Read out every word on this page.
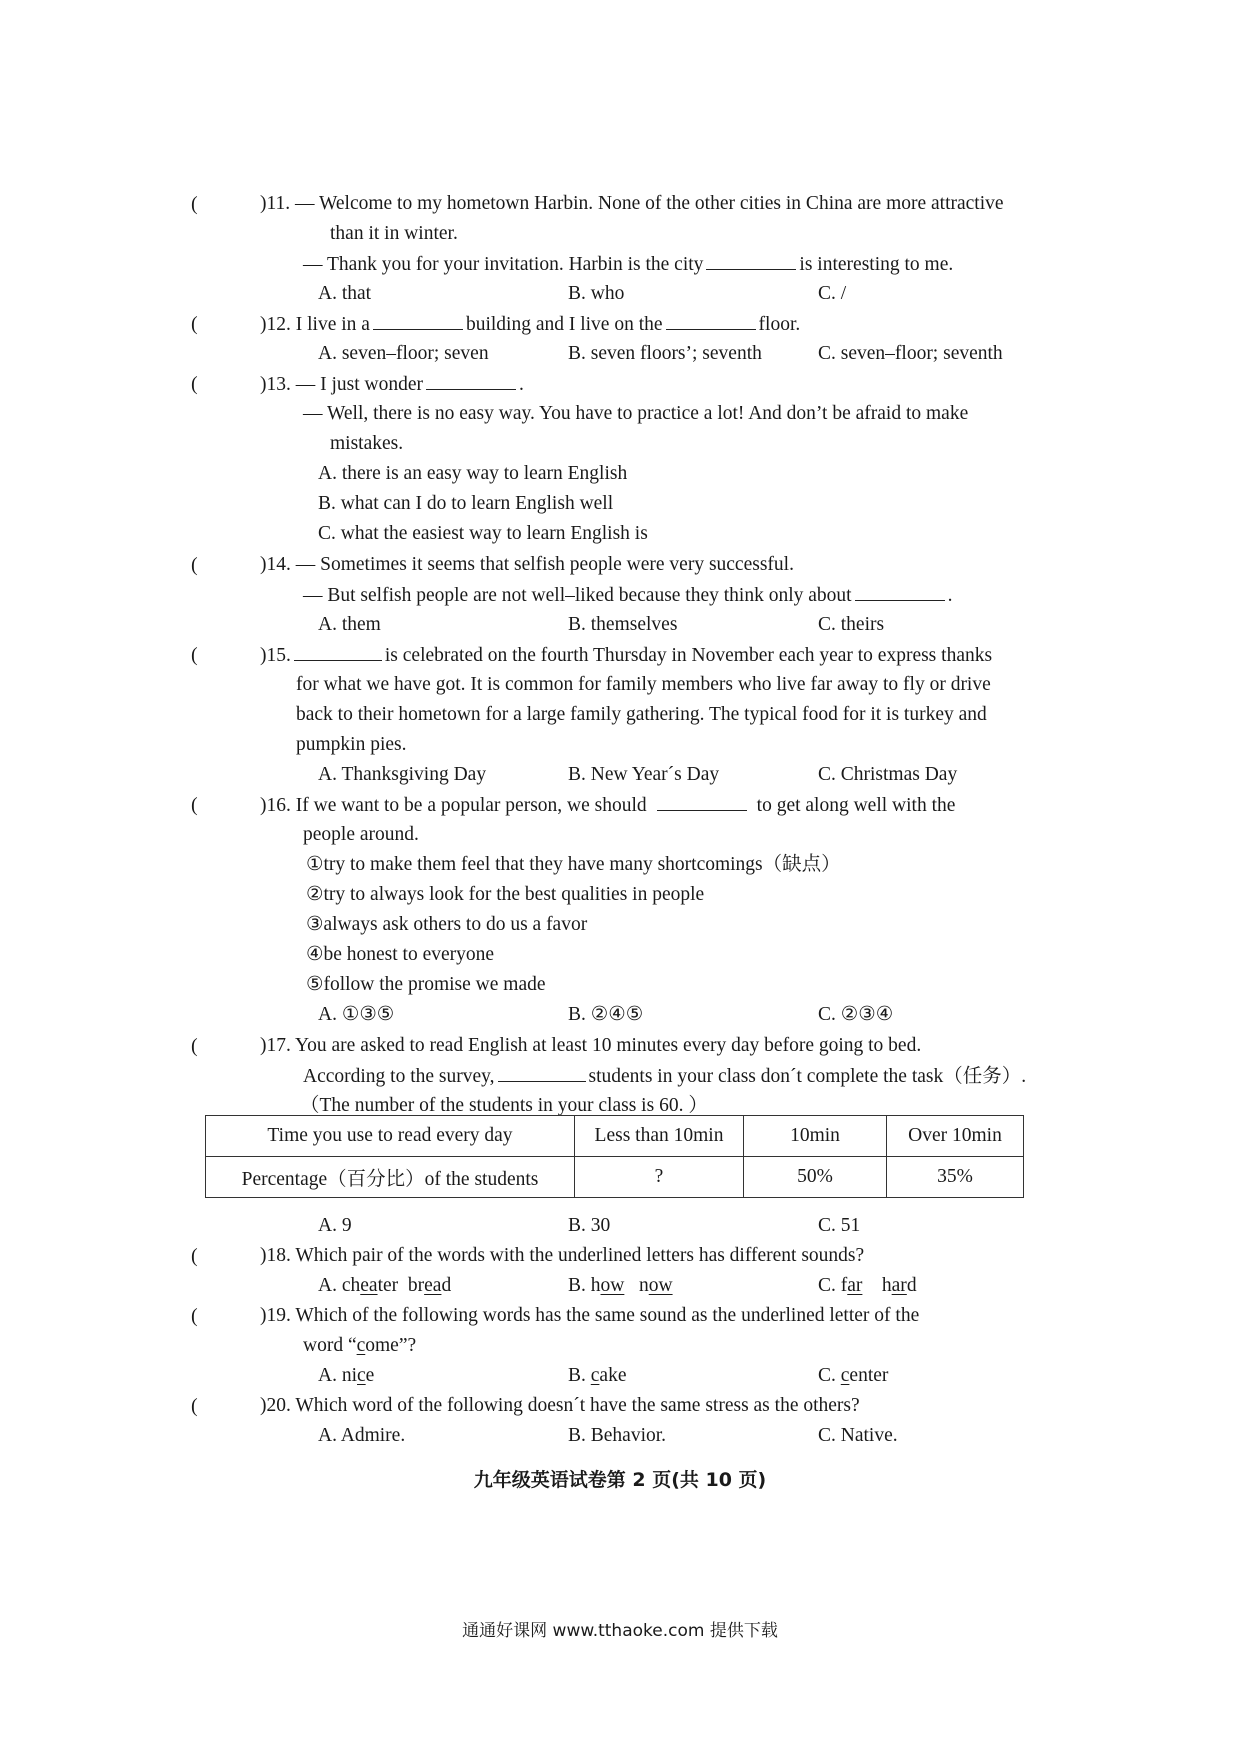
(
(
(
(
(
(
(
(
(
(
)11. — Welcome to my hometown Harbin. None of the other cities in China are more attractive
than it in winter.
— Thank you for your invitation. Harbin is the city	is interesting to me.
A. that	B. who	C. /
)12. I live in a	building and I live on the	floor.
A. seven–floor; seven	B. seven floors’; seventh	C. seven–floor; seventh
)13. — I just wonder	.
— Well, there is no easy way. You have to practice a lot! And don’t be afraid to make
mistakes.
A. there is an easy way to learn English
B. what can I do to learn English well
C. what the easiest way to learn English is
)14. — Sometimes it seems that selfish people were very successful.
— But selfish people are not well–liked because they think only about	.
A. them	B. themselves	C. theirs
)15.	is celebrated on the fourth Thursday in November each year to express thanks
for what we have got. It is common for family members who live far away to fly or drive
back to their hometown for a large family gathering. The typical food for it is turkey and
pumpkin pies.
A. Thanksgiving Day	B. New Year´s Day	C. Christmas Day
)16. If we want to be a popular person, we should	to get along well with the
people around.
①try to make them feel that they have many shortcomings（缺点）
②try to always look for the best qualities in people
③always ask others to do us a favor
④be honest to everyone
⑤follow the promise we made
A. ①③⑤	B. ②④⑤	C. ②③④
)17. You are asked to read English at least 10 minutes every day before going to bed.
According to the survey,	students in your class don´t complete the task（任务）.
（The number of the students in your class is 60. ）
Time you use to read every day	Less than 10min	10min	Over 10min
Percentage（百分比）of the students	?	50%	35%
A. 9	B. 30	C. 51
)18. Which pair of the words with the underlined letters has different sounds?
A. cheater  bread	B. how   now	C. far    hard
)19. Which of the following words has the same sound as the underlined letter of the
word “come”?
A. nice	B. cake	C. center
)20. Which word of the following doesn´t have the same stress as the others?
A. Admire.	B. Behavior.	C. Native.
九年级英语试卷第 2 页(共 10 页)
通通好课网 www.tthaoke.com 提供下载
